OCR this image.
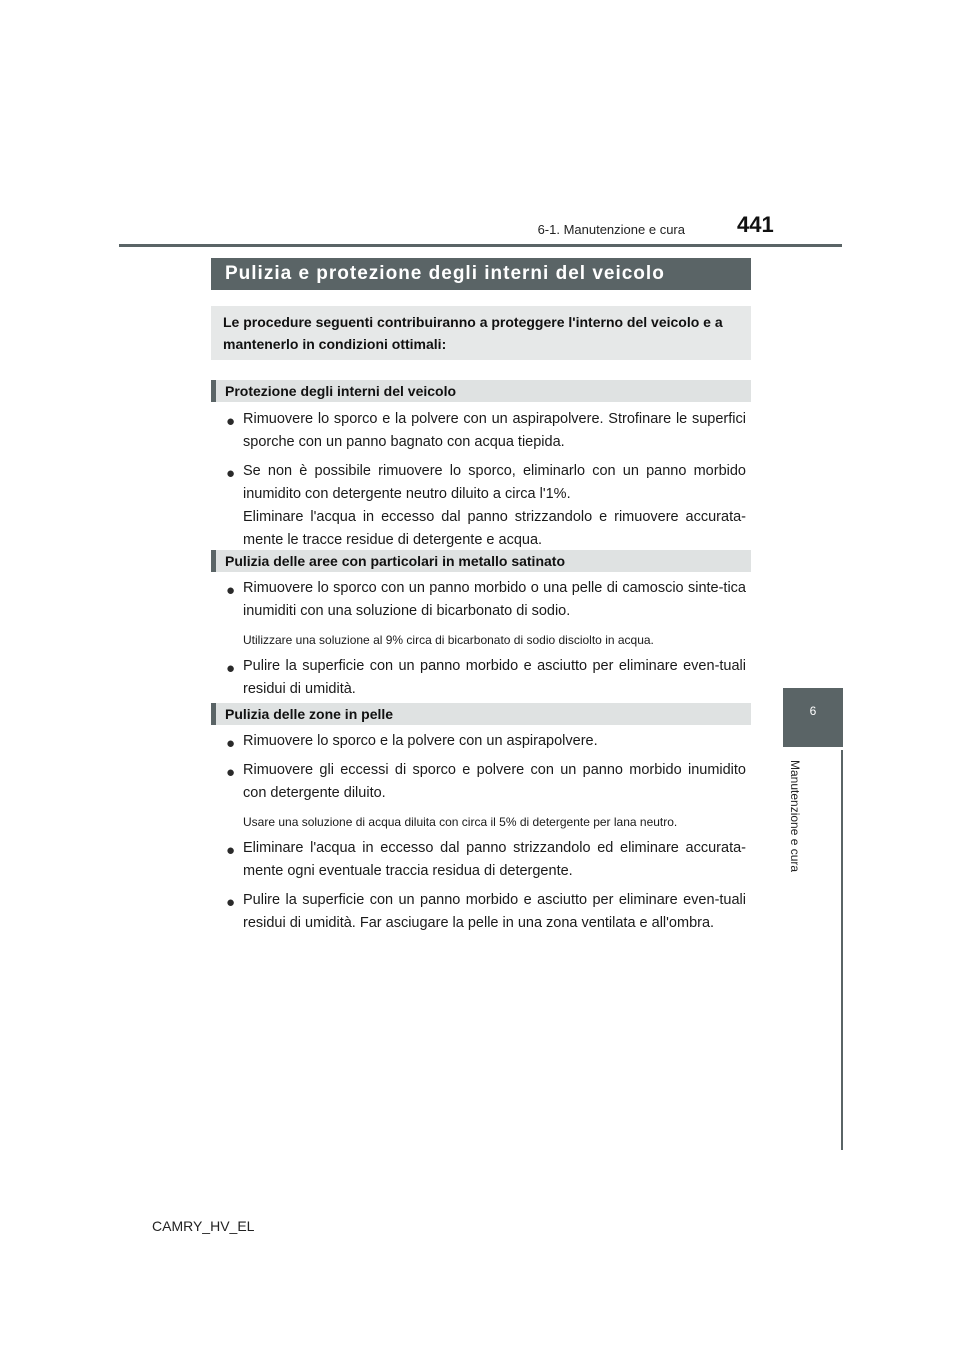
6-1. Manutenzione e cura 441
6
Manutenzione e cura
Pulizia e protezione degli interni del veicolo
Le procedure seguenti contribuiranno a proteggere l'interno del veicolo e a mantenerlo in condizioni ottimali:
Protezione degli interni del veicolo
● Rimuovere lo sporco e la polvere con un aspirapolvere. Strofinare le superfici sporche con un panno bagnato con acqua tiepida.
● Se non è possibile rimuovere lo sporco, eliminarlo con un panno morbido inumidito con detergente neutro diluito a circa l'1%.
Eliminare l'acqua in eccesso dal panno strizzandolo e rimuovere accurata-mente le tracce residue di detergente e acqua.
Pulizia delle aree con particolari in metallo satinato
● Rimuovere lo sporco con un panno morbido o una pelle di camoscio sinte-tica inumiditi con una soluzione di bicarbonato di sodio.
Utilizzare una soluzione al 9% circa di bicarbonato di sodio disciolto in acqua.
● Pulire la superficie con un panno morbido e asciutto per eliminare even-tuali residui di umidità.
Pulizia delle zone in pelle
● Rimuovere lo sporco e la polvere con un aspirapolvere.
● Rimuovere gli eccessi di sporco e polvere con un panno morbido inumidito con detergente diluito.
Usare una soluzione di acqua diluita con circa il 5% di detergente per lana neutro.
● Eliminare l'acqua in eccesso dal panno strizzandolo ed eliminare accurata-mente ogni eventuale traccia residua di detergente.
● Pulire la superficie con un panno morbido e asciutto per eliminare even-tuali residui di umidità. Far asciugare la pelle in una zona ventilata e all'ombra.
CAMRY_HV_EL
